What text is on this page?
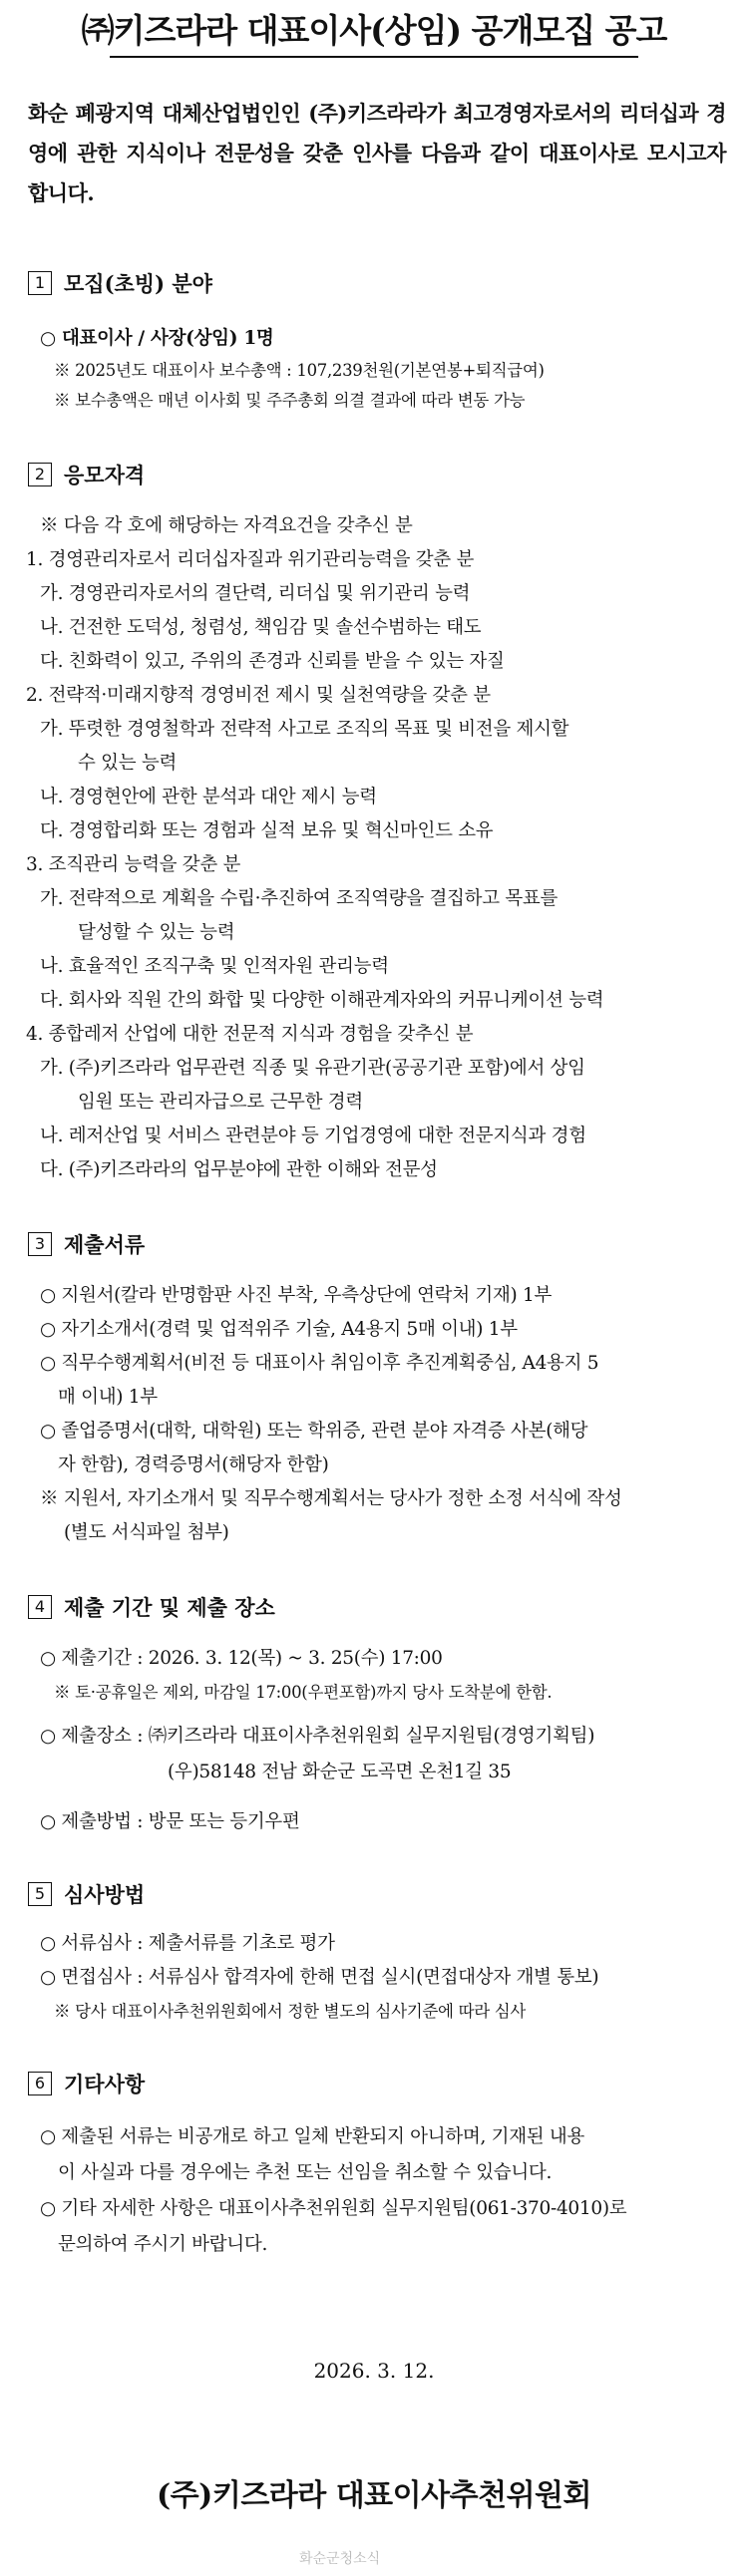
㈜키즈라라 대표이사(상임) 공개모집 공고
화순 폐광지역 대체산업법인인 (주)키즈라라가 최고경영자로서의 리더십과 경영에 관한 지식이나 전문성을 갖춘 인사를 다음과 같이 대표이사로 모시고자 합니다.
1 모집(초빙) 분야
○ 대표이사 / 사장(상임) 1명
※ 2025년도 대표이사 보수총액 : 107,239천원(기본연봉+퇴직급여)
※ 보수총액은 매년 이사회 및 주주총회 의결 결과에 따라 변동 가능
2 응모자격
※ 다음 각 호에 해당하는 자격요건을 갖추신 분
1. 경영관리자로서 리더십자질과 위기관리능력을 갖춘 분
가. 경영관리자로서의 결단력, 리더십 및 위기관리 능력
나. 건전한 도덕성, 청렴성, 책임감 및 솔선수범하는 태도
다. 친화력이 있고, 주위의 존경과 신뢰를 받을 수 있는 자질
2. 전략적·미래지향적 경영비전 제시 및 실천역량을 갖춘 분
가. 뚜렷한 경영철학과 전략적 사고로 조직의 목표 및 비전을 제시할
수 있는 능력
나. 경영현안에 관한 분석과 대안 제시 능력
다. 경영합리화 또는 경험과 실적 보유 및 혁신마인드 소유
3. 조직관리 능력을 갖춘 분
가. 전략적으로 계획을 수립·추진하여 조직역량을 결집하고 목표를
달성할 수 있는 능력
나. 효율적인 조직구축 및 인적자원 관리능력
다. 회사와 직원 간의 화합 및 다양한 이해관계자와의 커뮤니케이션 능력
4. 종합레저 산업에 대한 전문적 지식과 경험을 갖추신 분
가. (주)키즈라라 업무관련 직종 및 유관기관(공공기관 포함)에서 상임
임원 또는 관리자급으로 근무한 경력
나. 레저산업 및 서비스 관련분야 등 기업경영에 대한 전문지식과 경험
다. (주)키즈라라의 업무분야에 관한 이해와 전문성
3 제출서류
○ 지원서(칼라 반명함판 사진 부착, 우측상단에 연락처 기재) 1부
○ 자기소개서(경력 및 업적위주 기술, A4용지 5매 이내) 1부
○ 직무수행계획서(비전 등 대표이사 취임이후 추진계획중심, A4용지 5
매 이내) 1부
○ 졸업증명서(대학, 대학원) 또는 학위증, 관련 분야 자격증 사본(해당
자 한함), 경력증명서(해당자 한함)
※ 지원서, 자기소개서 및 직무수행계획서는 당사가 정한 소정 서식에 작성
(별도 서식파일 첨부)
4 제출 기간 및 제출 장소
○ 제출기간 : 2026. 3. 12(목) ~ 3. 25(수) 17:00
※ 토·공휴일은 제외, 마감일 17:00(우편포함)까지 당사 도착분에 한함.
○ 제출장소 : ㈜키즈라라 대표이사추천위원회 실무지원팀(경영기획팀)
(우)58148 전남 화순군 도곡면 온천1길 35
○ 제출방법 : 방문 또는 등기우편
5 심사방법
○ 서류심사 : 제출서류를 기초로 평가
○ 면접심사 : 서류심사 합격자에 한해 면접 실시(면접대상자 개별 통보)
※ 당사 대표이사추천위원회에서 정한 별도의 심사기준에 따라 심사
6 기타사항
○ 제출된 서류는 비공개로 하고 일체 반환되지 아니하며, 기재된 내용
이 사실과 다를 경우에는 추천 또는 선임을 취소할 수 있습니다.
○ 기타 자세한 사항은 대표이사추천위원회 실무지원팀(061-370-4010)로
문의하여 주시기 바랍니다.
2026. 3. 12.
(주)키즈라라 대표이사추천위원회
화순군청소식
